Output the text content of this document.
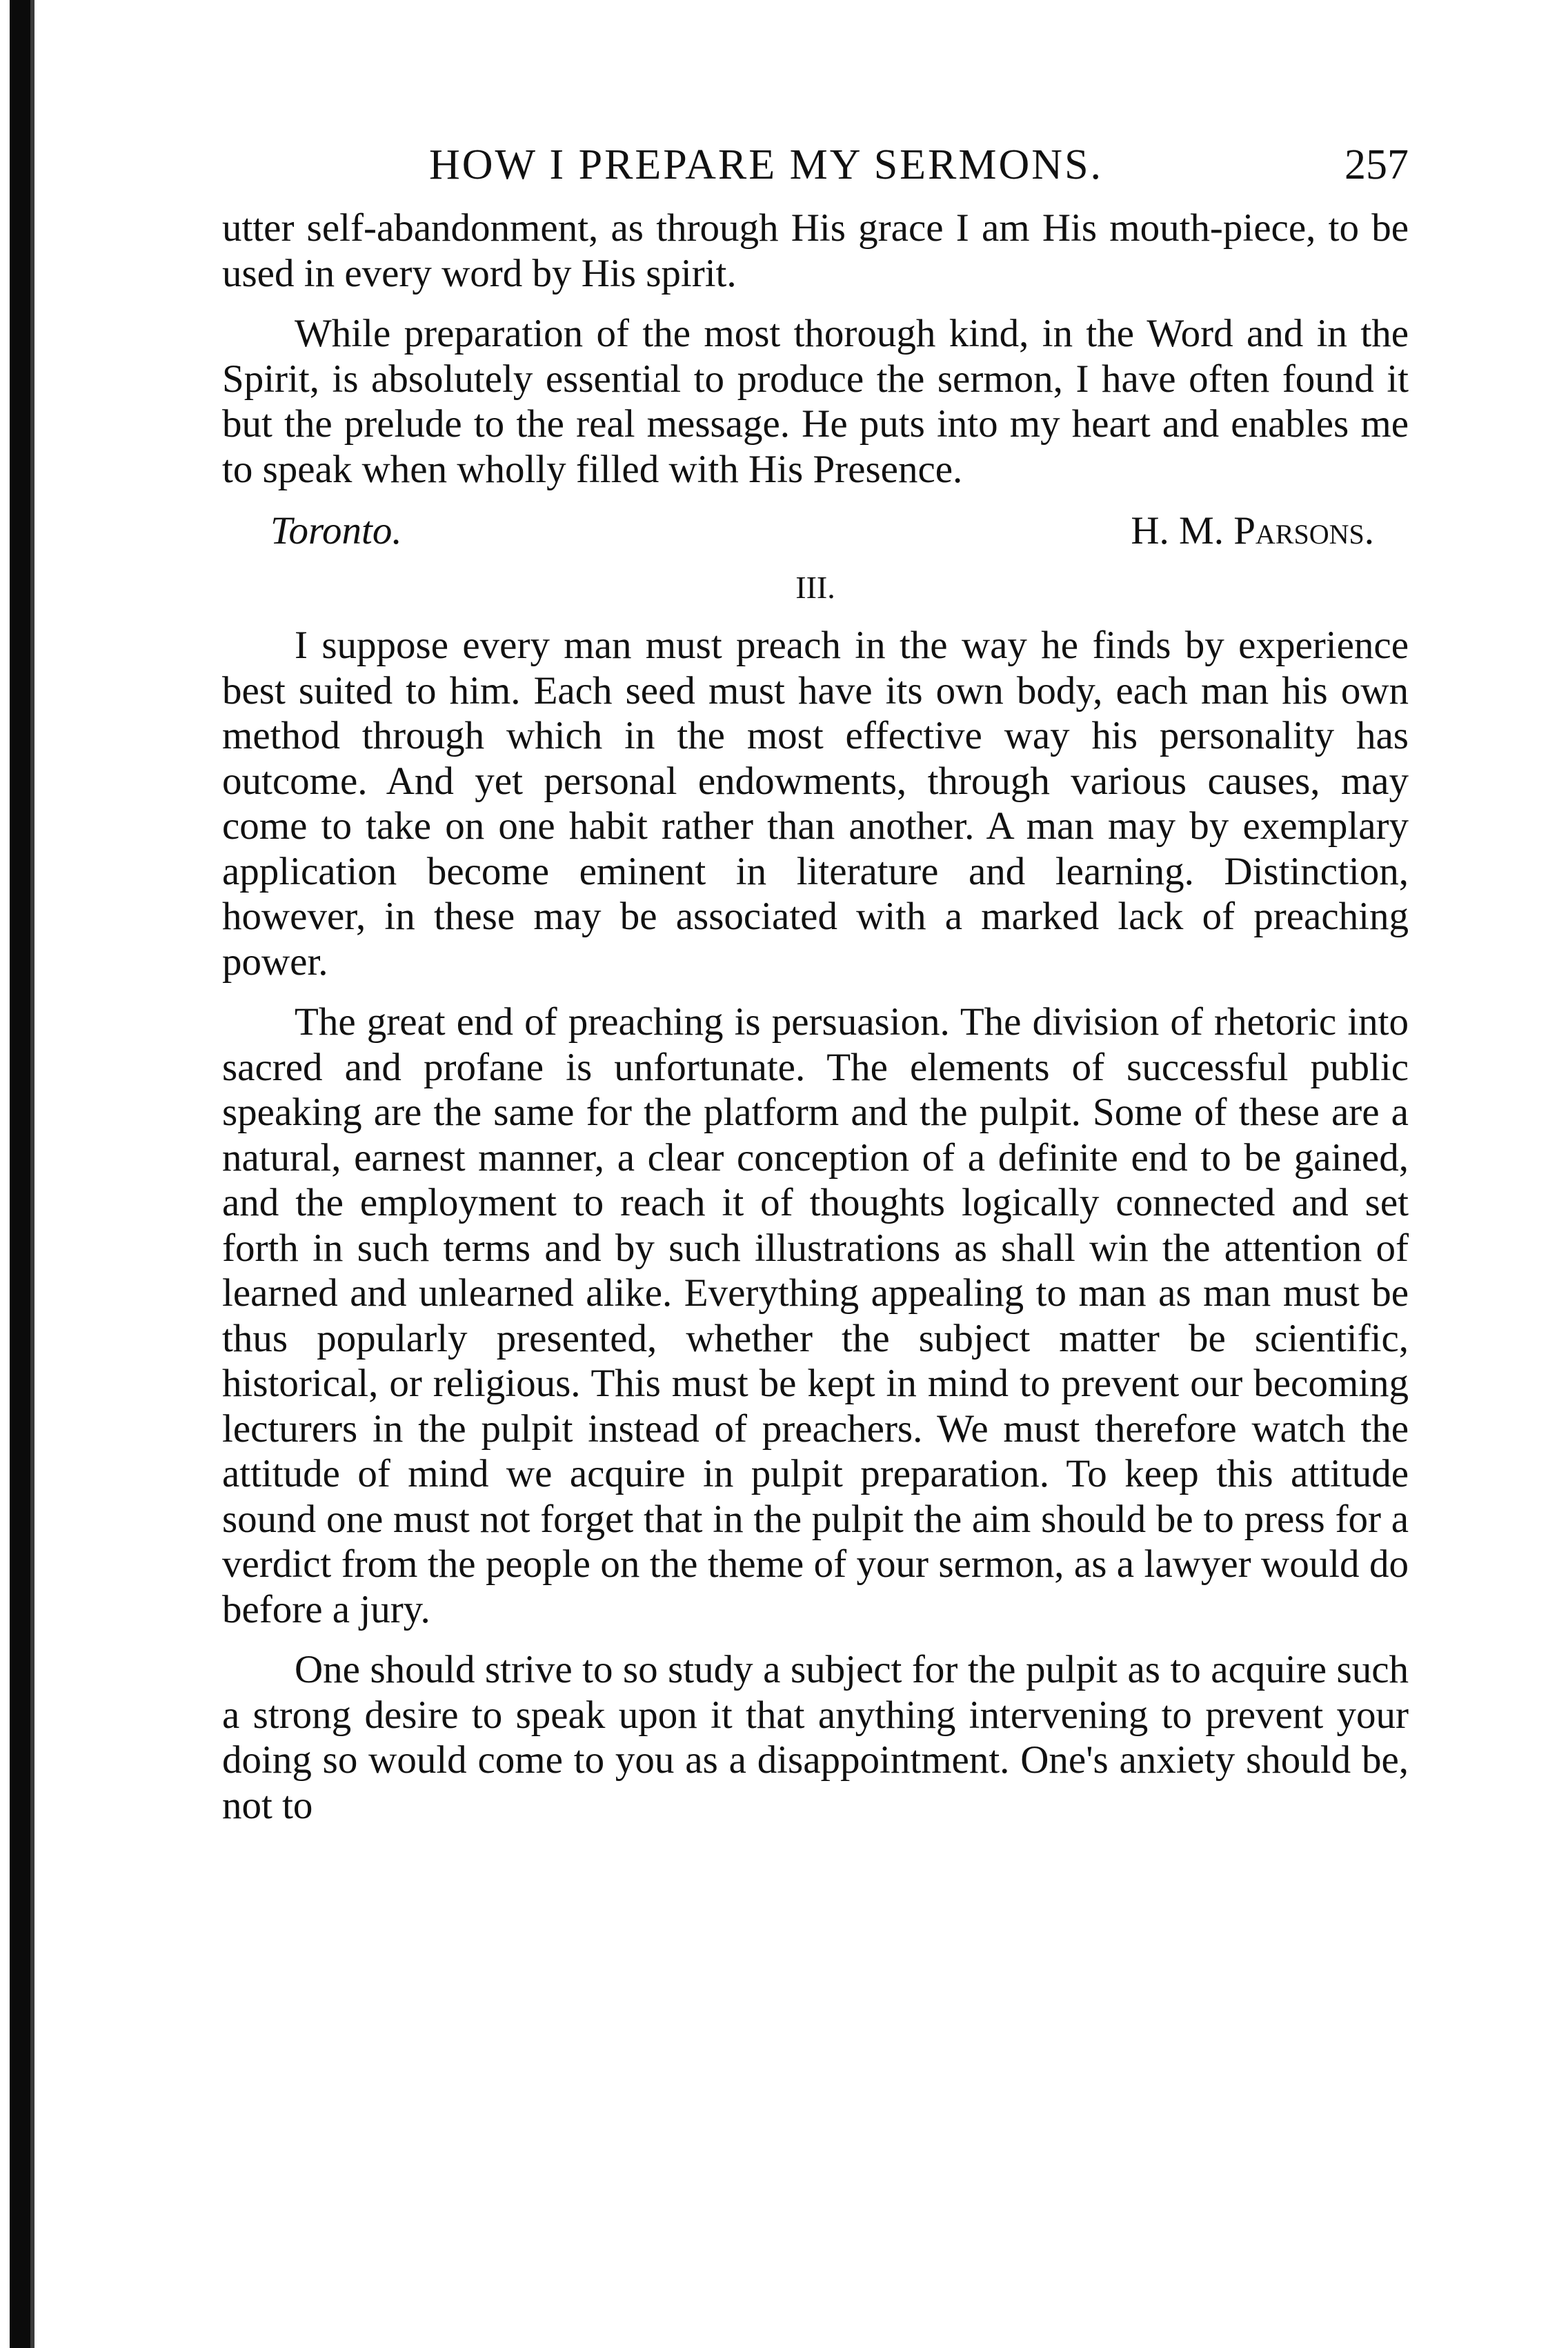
HOW I PREPARE MY SERMONS.	257

utter self-abandonment, as through His grace I am His mouth-piece, to be used in every word by His spirit.

While preparation of the most thorough kind, in the Word and in the Spirit, is absolutely essential to produce the sermon, I have often found it but the prelude to the real message. He puts into my heart and enables me to speak when wholly filled with His Presence.

Toronto.	H. M. Parsons.
III.

I suppose every man must preach in the way he finds by experience best suited to him. Each seed must have its own body, each man his own method through which in the most effective way his personality has outcome. And yet personal endowments, through various causes, may come to take on one habit rather than another. A man may by exemplary application become eminent in literature and learning. Distinction, however, in these may be associated with a marked lack of preaching power.

The great end of preaching is persuasion. The division of rhetoric into sacred and profane is unfortunate. The elements of successful public speaking are the same for the platform and the pulpit. Some of these are a natural, earnest manner, a clear conception of a definite end to be gained, and the employment to reach it of thoughts logically connected and set forth in such terms and by such illustrations as shall win the attention of learned and unlearned alike. Everything appealing to man as man must be thus popularly presented, whether the subject matter be scientific, historical, or religious. This must be kept in mind to prevent our becoming lecturers in the pulpit instead of preachers. We must therefore watch the attitude of mind we acquire in pulpit preparation. To keep this attitude sound one must not forget that in the pulpit the aim should be to press for a verdict from the people on the theme of your sermon, as a lawyer would do before a jury.

One should strive to so study a subject for the pulpit as to acquire such a strong desire to speak upon it that anything intervening to prevent your doing so would come to you as a disappointment. One's anxiety should be, not to
